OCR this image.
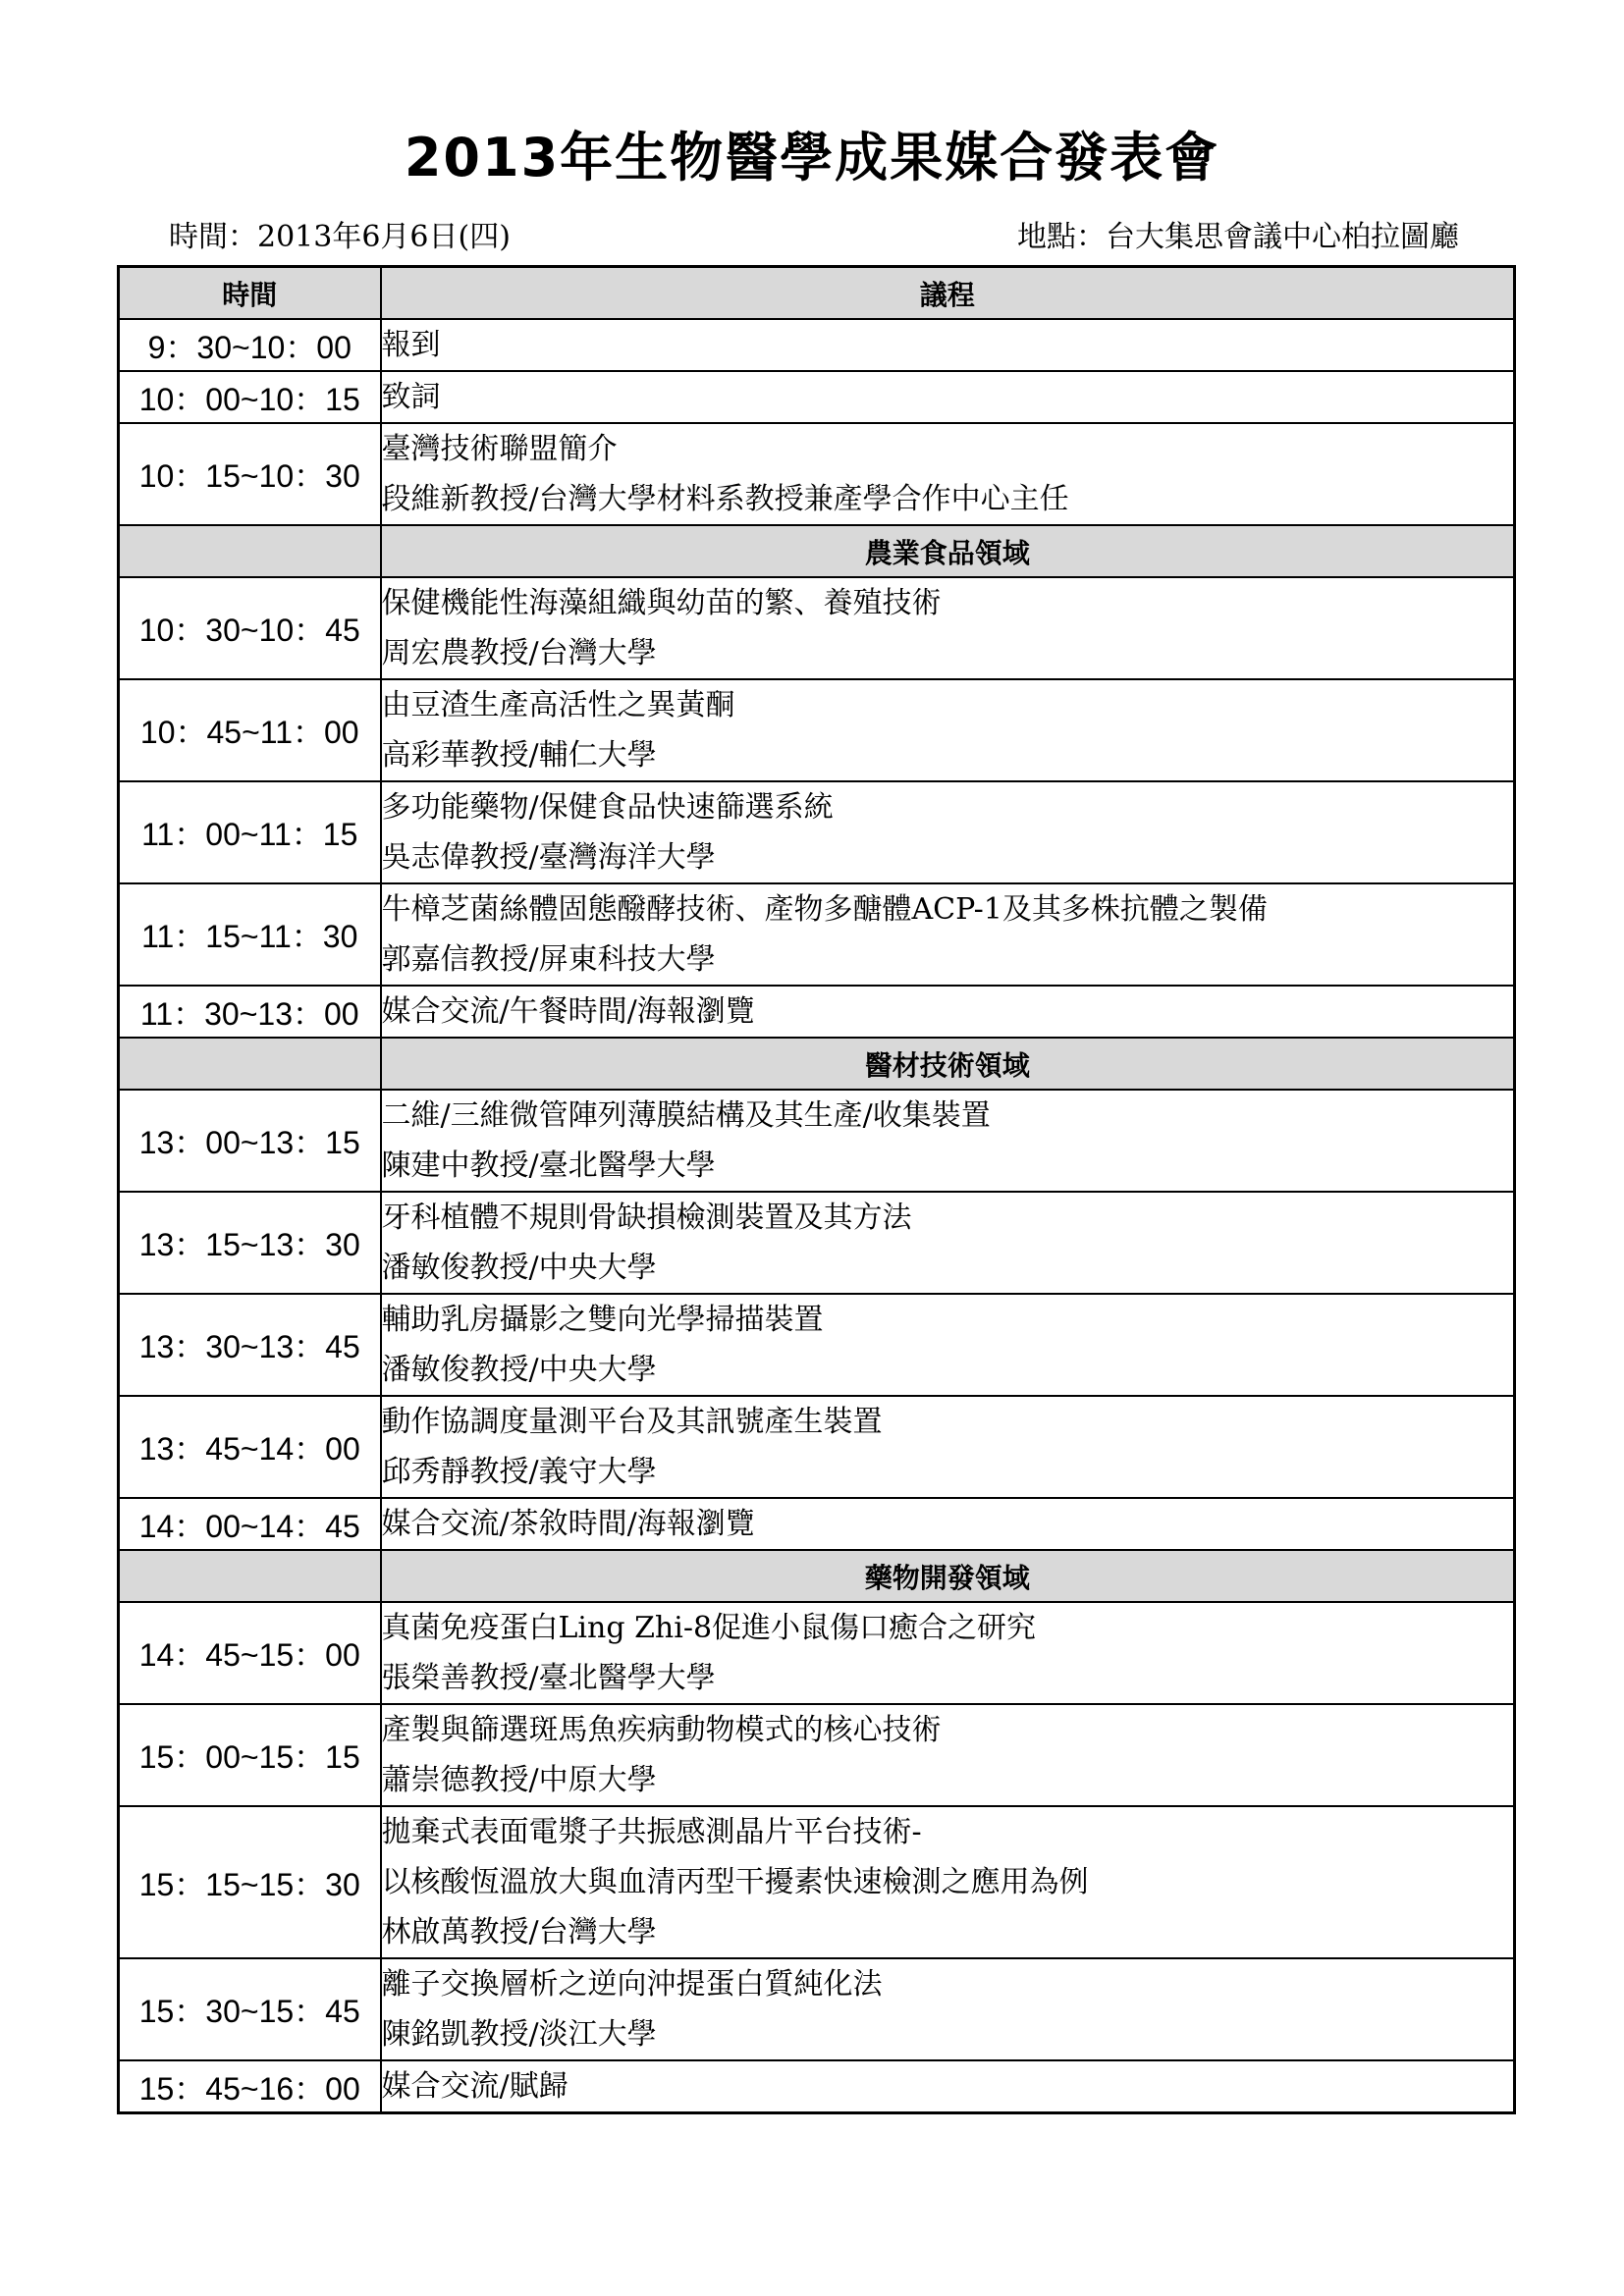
2013年生物醫學成果媒合發表會
時間：2013年6月6日(四)	地點：台大集思會議中心柏拉圖廳
時間	議程
9：30~10：00	報到

10：00~10：15	致詞

10：15~10：30	臺灣技術聯盟簡介
段維新教授/台灣大學材料系教授兼產學合作中心主任

	農業食品領域
10：30~10：45	保健機能性海藻組織與幼苗的繁、養殖技術
周宏農教授/台灣大學

10：45~11：00	由豆渣生產高活性之異黃酮
高彩華教授/輔仁大學

11：00~11：15	多功能藥物/保健食品快速篩選系統
吳志偉教授/臺灣海洋大學

11：15~11：30	牛樟芝菌絲體固態醱酵技術、產物多醣體ACP-1及其多株抗體之製備
郭嘉信教授/屏東科技大學

11：30~13：00	媒合交流/午餐時間/海報瀏覽

	醫材技術領域
13：00~13：15	二維/三維微管陣列薄膜結構及其生產/收集裝置
陳建中教授/臺北醫學大學

13：15~13：30	牙科植體不規則骨缺損檢測裝置及其方法
潘敏俊教授/中央大學

13：30~13：45	輔助乳房攝影之雙向光學掃描裝置
潘敏俊教授/中央大學

13：45~14：00	動作協調度量測平台及其訊號產生裝置
邱秀靜教授/義守大學

14：00~14：45	媒合交流/茶敘時間/海報瀏覽

	藥物開發領域
14：45~15：00	真菌免疫蛋白Ling Zhi-8促進小鼠傷口癒合之研究
張榮善教授/臺北醫學大學

15：00~15：15	產製與篩選斑馬魚疾病動物模式的核心技術
蕭崇德教授/中原大學

15：15~15：30	拋棄式表面電漿子共振感測晶片平台技術-
以核酸恆溫放大與血清丙型干擾素快速檢測之應用為例
林啟萬教授/台灣大學

15：30~15：45	離子交換層析之逆向沖提蛋白質純化法
陳銘凱教授/淡江大學

15：45~16：00	媒合交流/賦歸
